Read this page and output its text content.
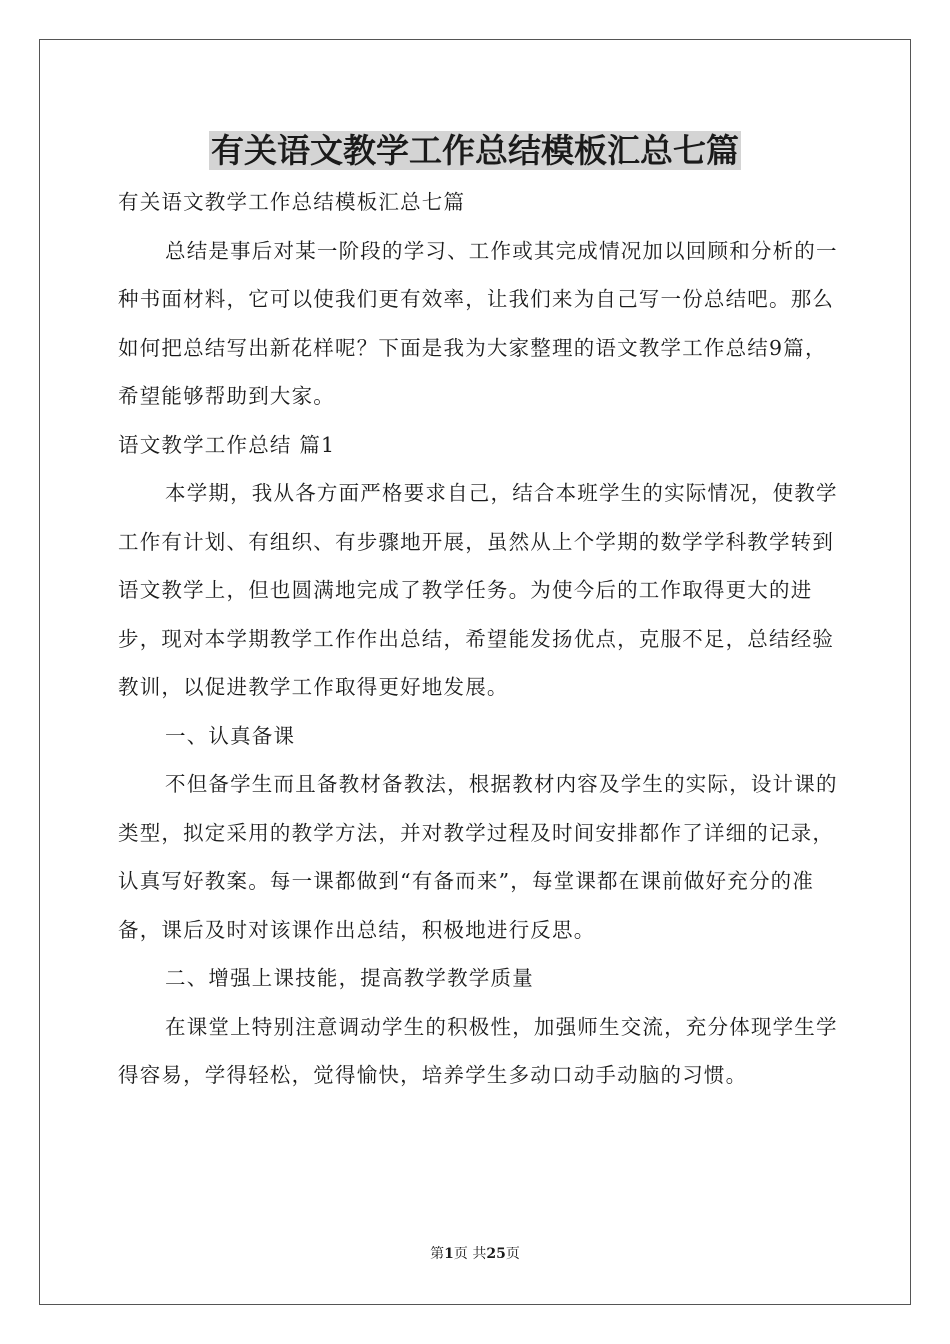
有关语文教学工作总结模板汇总七篇

有关语文教学工作总结模板汇总七篇

总结是事后对某一阶段的学习、工作或其完成情况加以回顾和分析的一种书面材料，它可以使我们更有效率，让我们来为自己写一份总结吧。那么如何把总结写出新花样呢？下面是我为大家整理的语文教学工作总结9篇，希望能够帮助到大家。

语文教学工作总结 篇1

本学期，我从各方面严格要求自己，结合本班学生的实际情况，使教学工作有计划、有组织、有步骤地开展，虽然从上个学期的数学学科教学转到语文教学上，但也圆满地完成了教学任务。为使今后的工作取得更大的进步，现对本学期教学工作作出总结，希望能发扬优点，克服不足，总结经验教训，以促进教学工作取得更好地发展。

一、认真备课

不但备学生而且备教材备教法，根据教材内容及学生的实际，设计课的类型，拟定采用的教学方法，并对教学过程及时间安排都作了详细的记录，认真写好教案。每一课都做到“有备而来”，每堂课都在课前做好充分的准备，课后及时对该课作出总结，积极地进行反思。

二、增强上课技能，提高教学教学质量

在课堂上特别注意调动学生的积极性，加强师生交流，充分体现学生学得容易，学得轻松，觉得愉快，培养学生多动口动手动脑的习惯。

第1页 共25页
